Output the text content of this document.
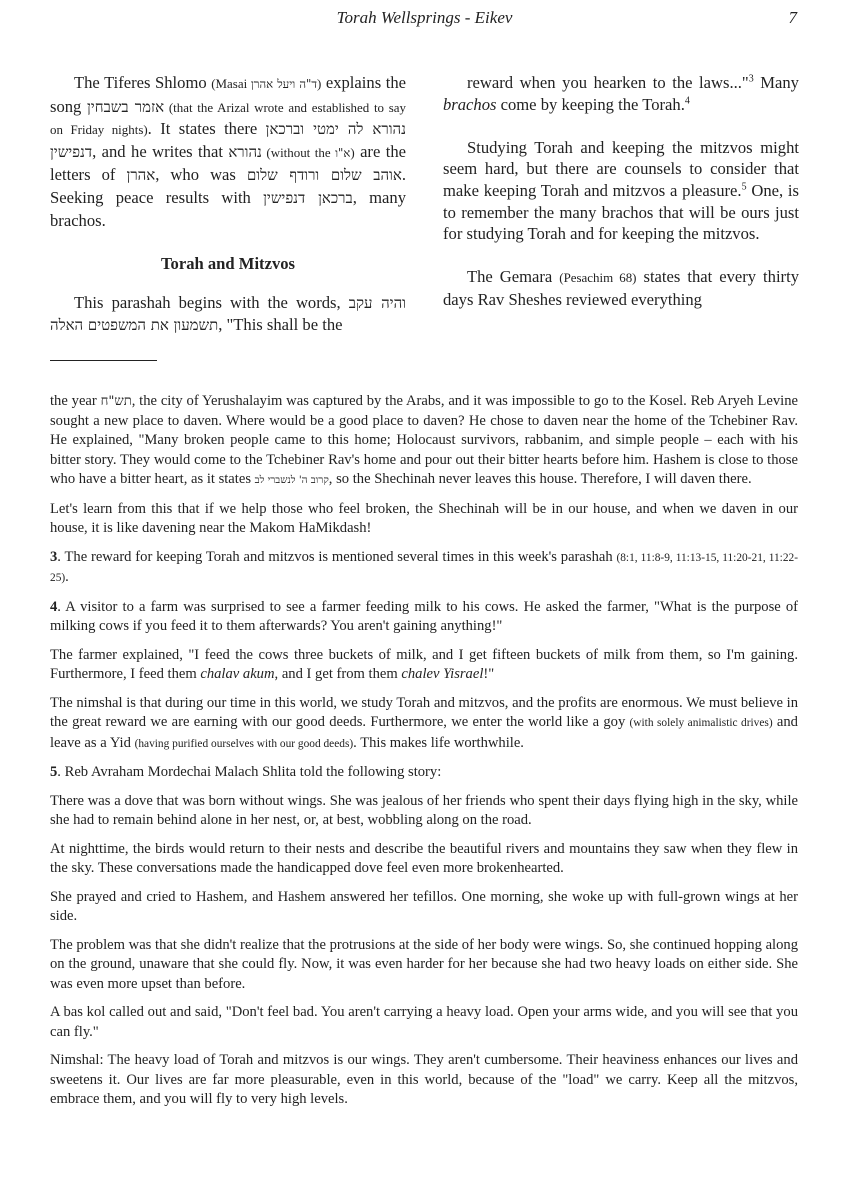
Torah Wellsprings - Eikev	7

The Tiferes Shlomo (Masai ד"ה ויעל אהרן) explains the song אזמר בשבחין (that the Arizal wrote and established to say on Friday nights). It states there נהורא לה ימטי וברכאן דנפישין, and he writes that נהורא (without the א"ו) are the letters of אהרן, who was אוהב שלום ורודף שלום. Seeking peace results with ברכאן דנפישין, many brachos.

Torah and Mitzvos

This parashah begins with the words, והיה עקב תשמעון את המשפטים האלה, "This shall be the

reward when you hearken to the laws..."$^3$ Many brachos come by keeping the Torah.$^4$

Studying Torah and keeping the mitzvos might seem hard, but there are counsels to consider that make keeping Torah and mitzvos a pleasure.$^5$ One, is to remember the many brachos that will be ours just for studying Torah and for keeping the mitzvos.

The Gemara (Pesachim 68) states that every thirty days Rav Sheshes reviewed everything

the year תש"ח, the city of Yerushalayim was captured by the Arabs, and it was impossible to go to the Kosel. Reb Aryeh Levine sought a new place to daven. Where would be a good place to daven? He chose to daven near the home of the Tchebiner Rav. He explained, "Many broken people came to this home; Holocaust survivors, rabbanim, and simple people – each with his bitter story. They would come to the Tchebiner Rav's home and pour out their bitter hearts before him. Hashem is close to those who have a bitter heart, as it states קרוב ה' לנשברי לב, so the Shechinah never leaves this house. Therefore, I will daven there.

Let's learn from this that if we help those who feel broken, the Shechinah will be in our house, and when we daven in our house, it is like davening near the Makom HaMikdash!

3. The reward for keeping Torah and mitzvos is mentioned several times in this week's parashah (8:1, 11:8-9, 11:13-15, 11:20-21, 11:22-25).

4. A visitor to a farm was surprised to see a farmer feeding milk to his cows. He asked the farmer, "What is the purpose of milking cows if you feed it to them afterwards? You aren't gaining anything!"

The farmer explained, "I feed the cows three buckets of milk, and I get fifteen buckets of milk from them, so I'm gaining. Furthermore, I feed them chalav akum, and I get from them chalev Yisrael!"

The nimshal is that during our time in this world, we study Torah and mitzvos, and the profits are enormous. We must believe in the great reward we are earning with our good deeds. Furthermore, we enter the world like a goy (with solely animalistic drives) and leave as a Yid (having purified ourselves with our good deeds). This makes life worthwhile.

5. Reb Avraham Mordechai Malach Shlita told the following story:

There was a dove that was born without wings. She was jealous of her friends who spent their days flying high in the sky, while she had to remain behind alone in her nest, or, at best, wobbling along on the road.

At nighttime, the birds would return to their nests and describe the beautiful rivers and mountains they saw when they flew in the sky. These conversations made the handicapped dove feel even more brokenhearted.

She prayed and cried to Hashem, and Hashem answered her tefillos. One morning, she woke up with full-grown wings at her side.

The problem was that she didn't realize that the protrusions at the side of her body were wings. So, she continued hopping along on the ground, unaware that she could fly. Now, it was even harder for her because she had two heavy loads on either side. She was even more upset than before.

A bas kol called out and said, "Don't feel bad. You aren't carrying a heavy load. Open your arms wide, and you will see that you can fly."

Nimshal: The heavy load of Torah and mitzvos is our wings. They aren't cumbersome. Their heaviness enhances our lives and sweetens it. Our lives are far more pleasurable, even in this world, because of the "load" we carry. Keep all the mitzvos, embrace them, and you will fly to very high levels.
